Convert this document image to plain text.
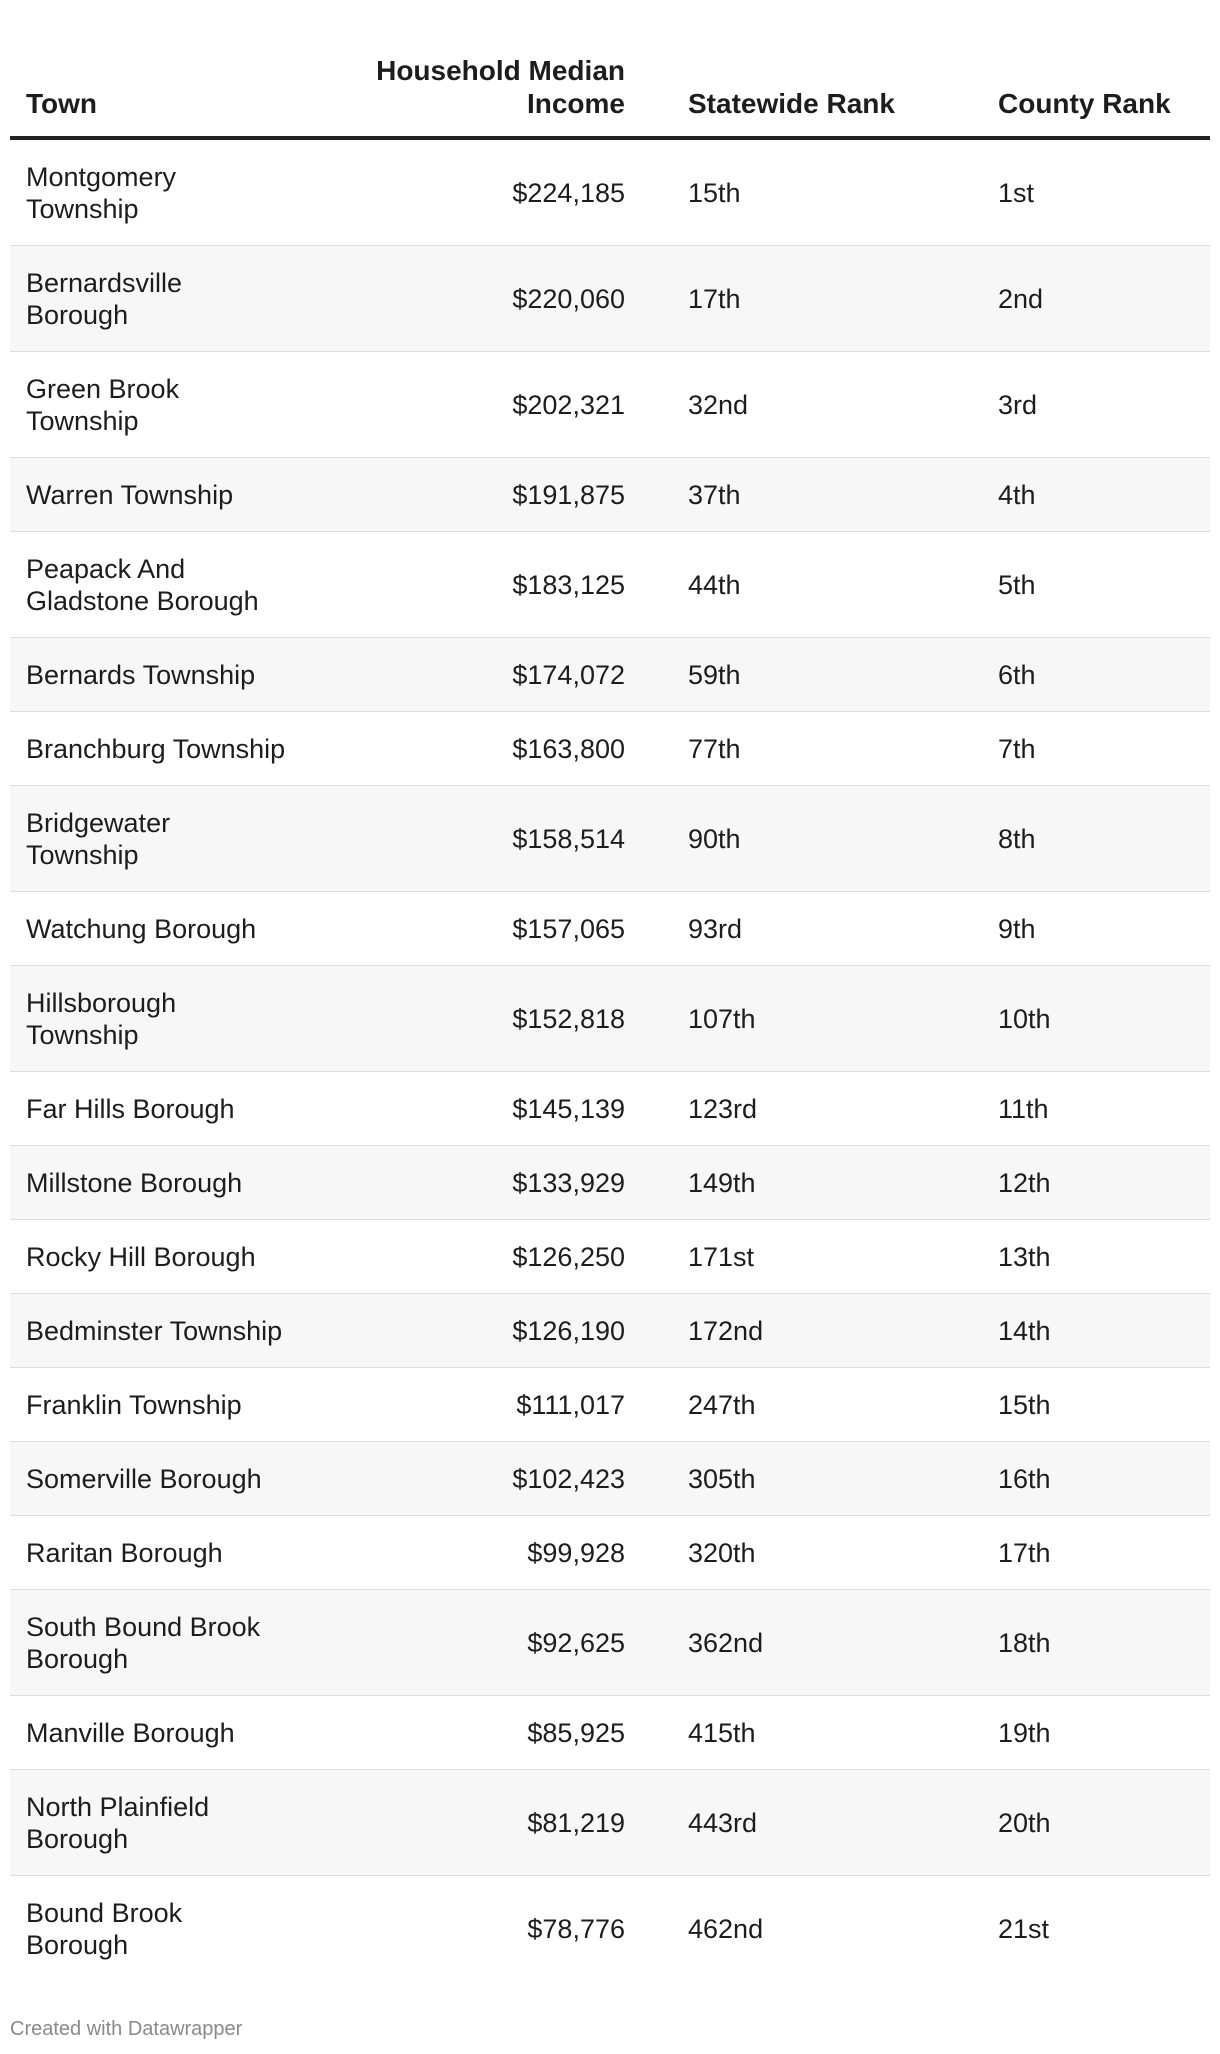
Town
Household Median
Income Statewide Rank	County Rank
Montgomery
Township
$224,185 15th	1st
Bernardsville
Borough
$220,060 17th	2nd
Green Brook
Township
$202,321 32nd	3rd
Warren Township	$191,875 37th	4th
Peapack And
Gladstone Borough
$183,125 44th	5th
Bernards Township	$174,072 59th	6th
Branchburg Township	$163,800 77th	7th
Bridgewater
Township
$158,514 90th	8th
Watchung Borough	$157,065 93rd	9th
Hillsborough
Township
$152,818 107th	10th
Far Hills Borough	$145,139 123rd	11th
Millstone Borough	$133,929 149th	12th
Rocky Hill Borough	$126,250 171st	13th
Bedminster Township	$126,190 172nd	14th
Franklin Township	$111,017 247th	15th
Somerville Borough	$102,423 305th	16th
Raritan Borough	$99,928 320th	17th
South Bound Brook
Borough
$92,625 362nd	18th
Manville Borough	$85,925 415th	19th
North Plainfield
Borough
$81,219 443rd	20th
Bound Brook
Borough
$78,776 462nd	21st
Created with Datawrapper
